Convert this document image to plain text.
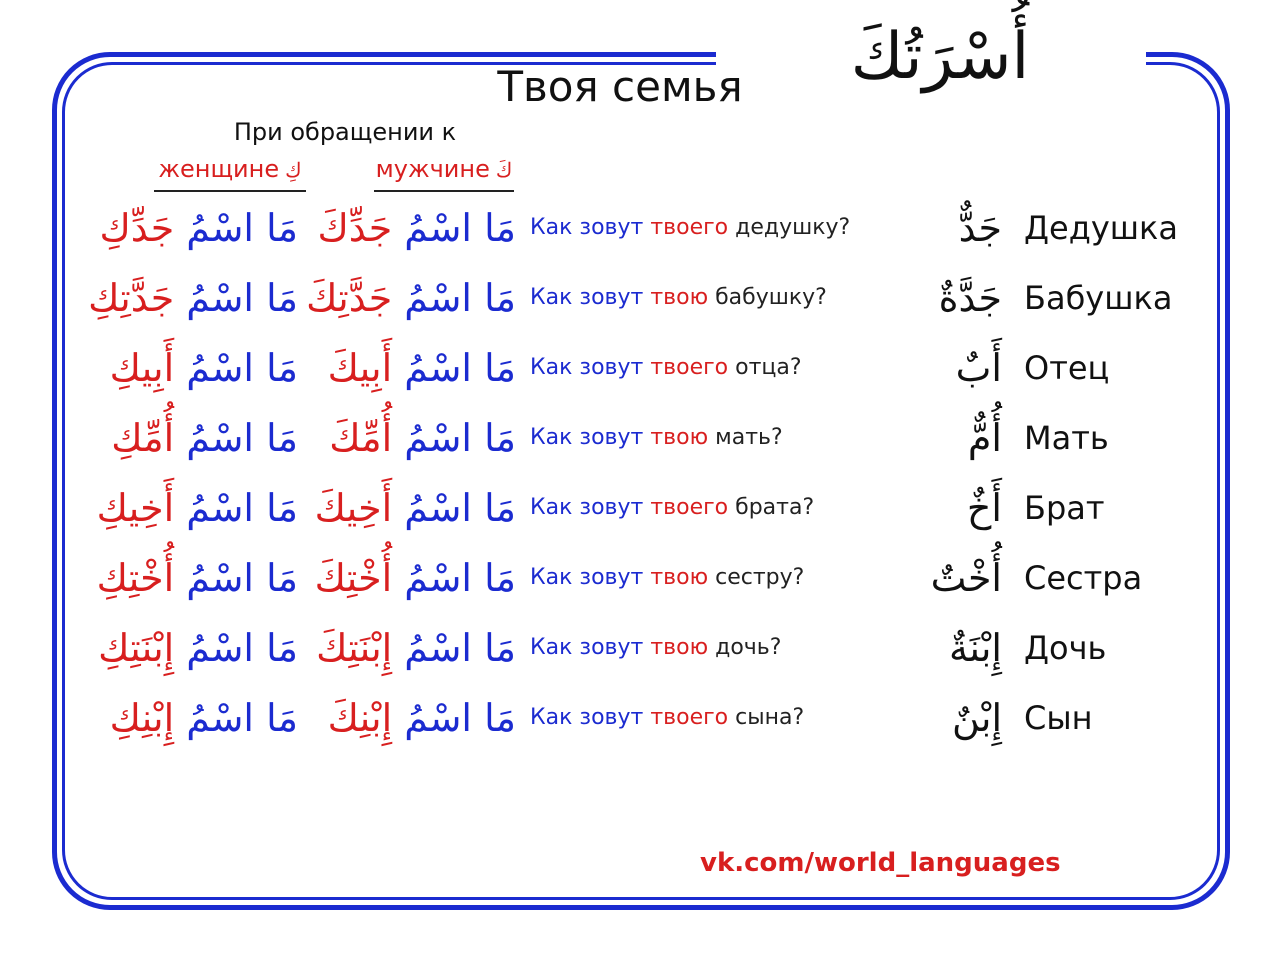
Твоя семья	أُسْرَتُكَ
При обращении к
женщине كِ	мужчине كَ
مَا اسْمُ جَدِّكِ	مَا اسْمُ جَدِّكَ	Как зовут твоего дедушку?	جَدٌّ Дедушка
مَا اسْمُ جَدَّتِكِ	مَا اسْمُ جَدَّتِكَ	Как зовут твою бабушку?	جَدَّةٌ Бабушка
مَا اسْمُ أَبِيكِ	مَا اسْمُ أَبِيكَ	Как зовут твоего отца?	أَبٌ Отец
مَا اسْمُ أُمِّكِ	مَا اسْمُ أُمِّكَ	Как зовут твою мать?	أُمٌّ Мать
مَا اسْمُ أَخِيكِ	مَا اسْمُ أَخِيكَ	Как зовут твоего брата?	أَخٌ Брат
مَا اسْمُ أُخْتِكِ	مَا اسْمُ أُخْتِكَ	Как зовут твою сестру?	أُخْتٌ Сестра
مَا اسْمُ إِبْنَتِكِ	مَا اسْمُ إِبْنَتِكَ	Как зовут твою дочь?	إِبْنَةٌ Дочь
مَا اسْمُ إِبْنِكِ	مَا اسْمُ إِبْنِكَ	Как зовут твоего сына?	إِبْنٌ Сын
vk.com/world_languages
